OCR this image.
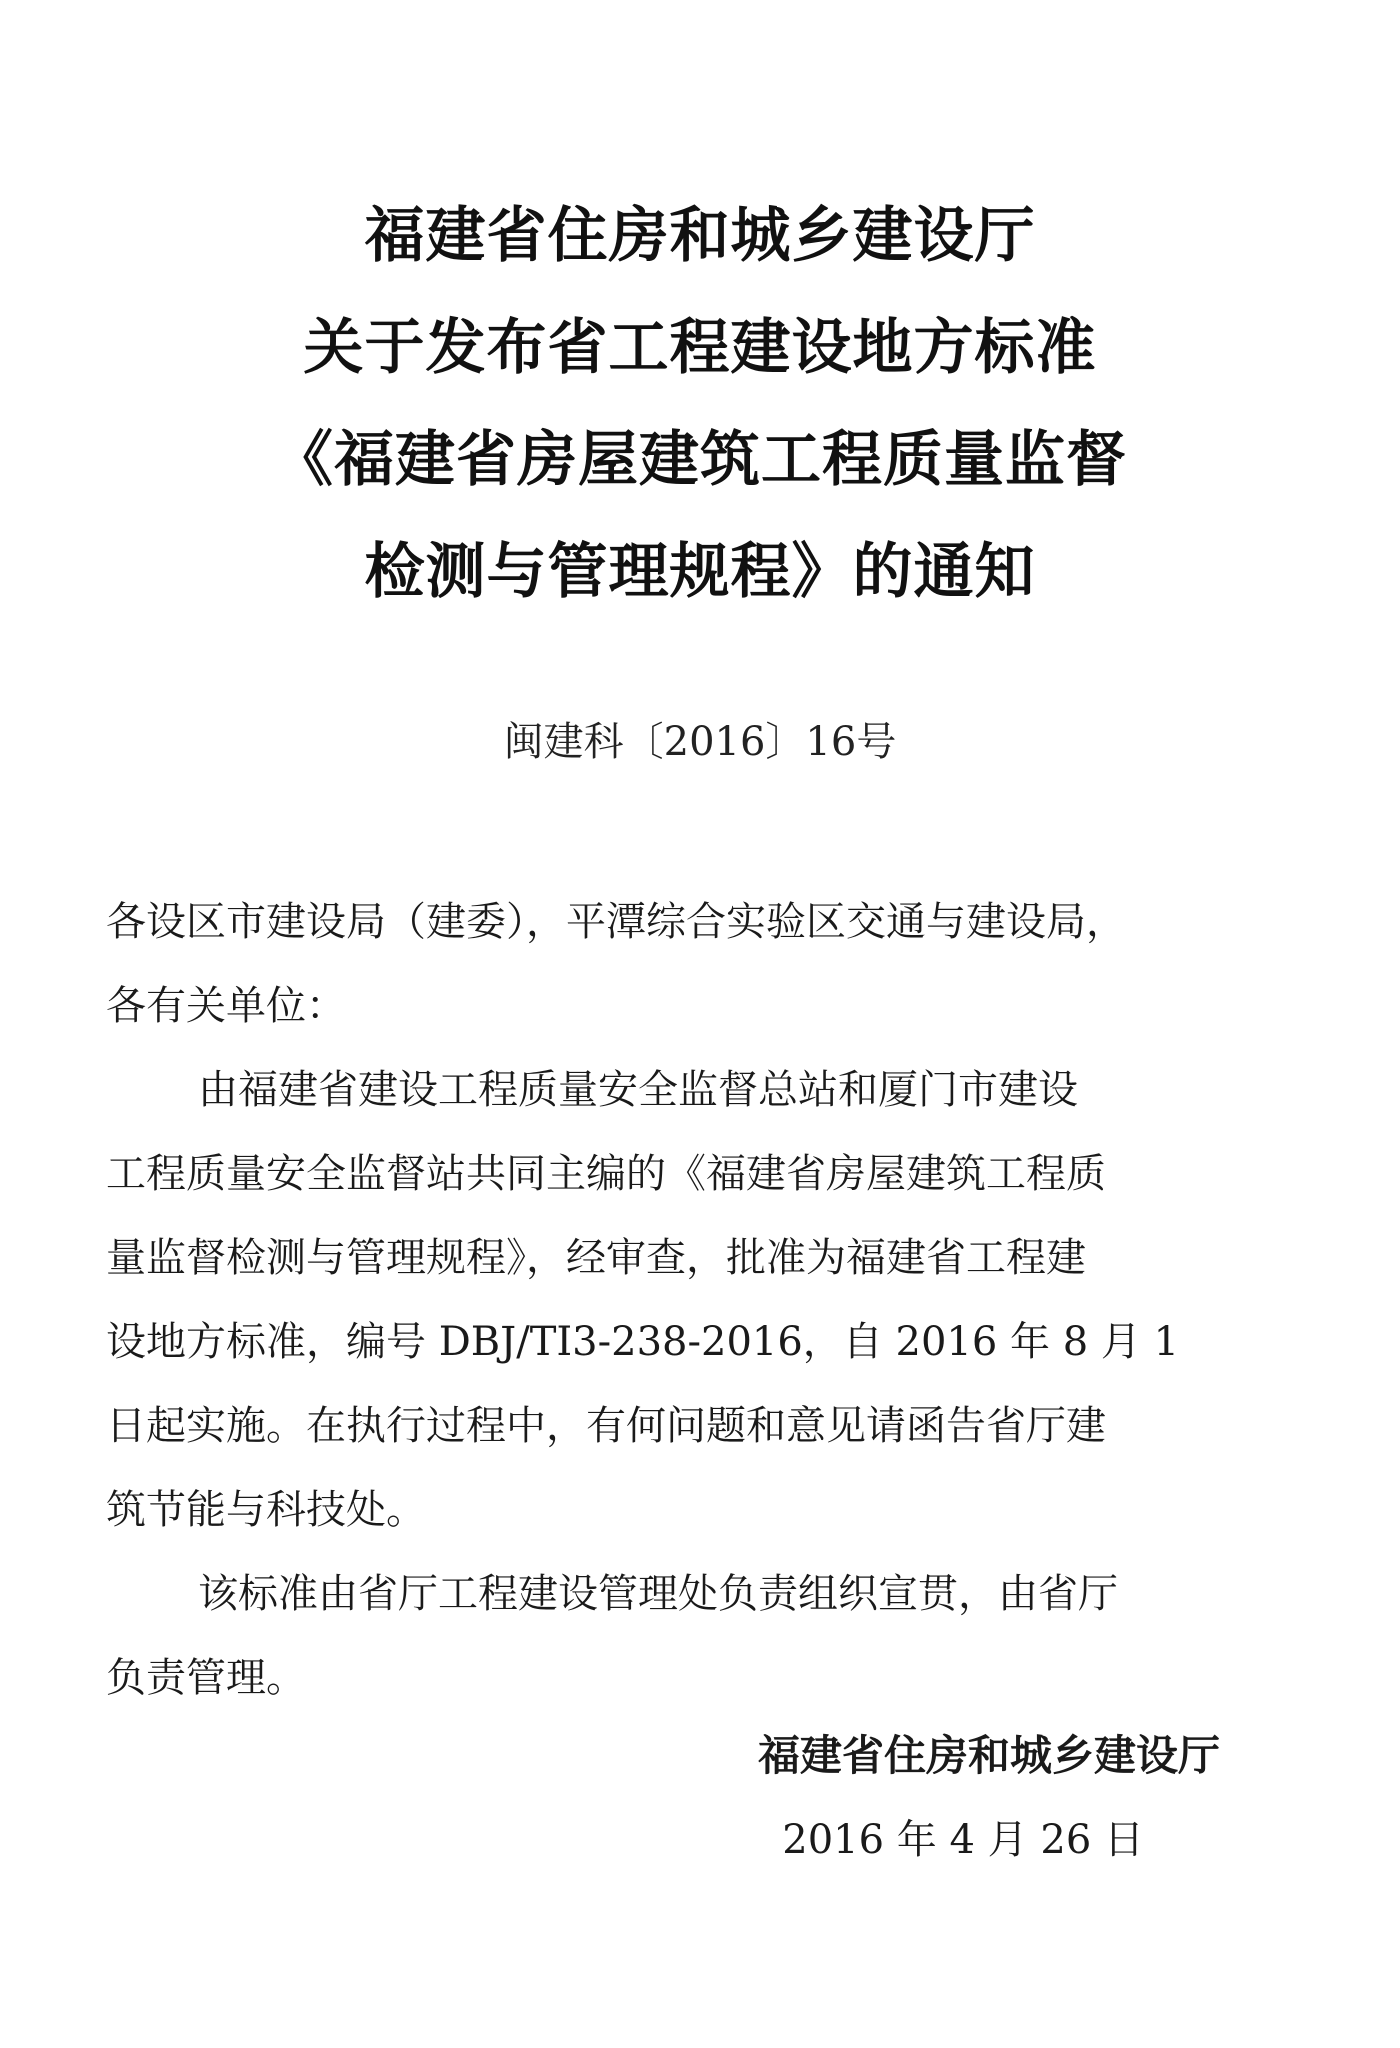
福建省住房和城乡建设厅
关于发布省工程建设地方标准
《福建省房屋建筑工程质量监督
检测与管理规程》的通知
闽建科〔2016〕16号

各设区市建设局（建委），平潭综合实验区交通与建设局，

各有关单位：

由福建省建设工程质量安全监督总站和厦门市建设

工程质量安全监督站共同主编的《福建省房屋建筑工程质

量监督检测与管理规程》，经审查，批准为福建省工程建

设地方标准，编号 DBJ/TI3-238-2016，自 2016 年 8 月 1

日起实施。在执行过程中，有何问题和意见请函告省厅建

筑节能与科技处。

该标准由省厅工程建设管理处负责组织宣贯，由省厅

负责管理。

福建省住房和城乡建设厅
2016 年 4 月 26 日
